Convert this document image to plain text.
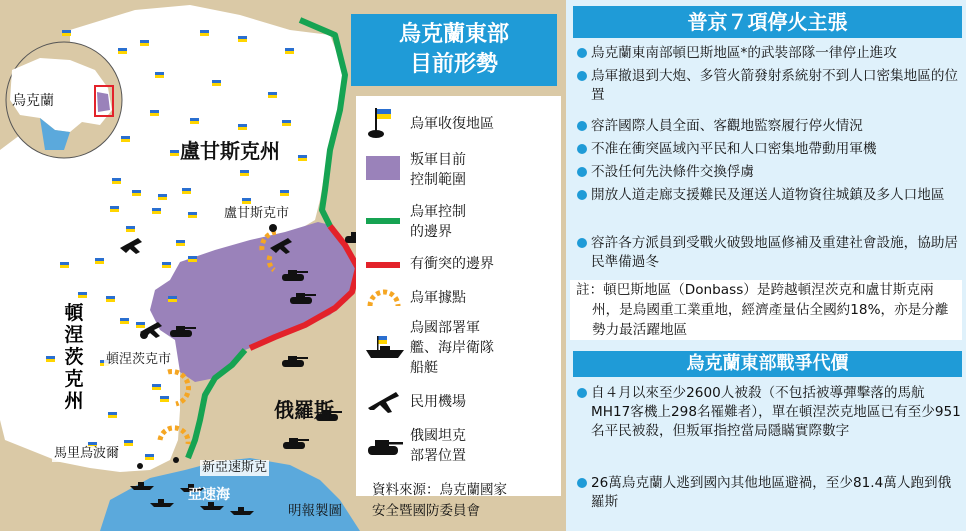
烏克蘭
盧甘斯克州
頓
涅
茨
克
州	俄羅斯
亞速海
盧甘斯克市
頓涅茨克市
馬里烏波爾
新亞速斯克
烏克蘭東部
目前形勢
烏軍收復地區
叛軍目前
控制範圍
烏軍控制
的邊界
有衝突的邊界
烏軍據點
烏國部署軍
艦、海岸衛隊
船艇
民用機場
俄國坦克
部署位置
資料來源：烏克蘭國家
安全暨國防委員會
明報製圖
普京７項停火主張
烏克蘭東南部頓巴斯地區*的武裝部隊一律停止進攻
烏軍撤退到大炮、多管火箭發射系統射不到人口密集地區的位置
容許國際人員全面、客觀地監察履行停火情況
不准在衝突區域內平民和人口密集地帶動用軍機
不設任何先決條件交換俘虜
開放人道走廊支援難民及運送人道物資往城鎮及多人口地區
容許各方派員到受戰火破毀地區修補及重建社會設施，協助居民準備過冬
註：頓巴斯地區（Donbass）是跨越頓涅茨克和盧甘斯克兩州，是烏國重工業重地，經濟產量佔全國約18%，亦是分離勢力最活躍地區
烏克蘭東部戰爭代價
自４月以來至少2600人被殺（不包括被導彈擊落的馬航MH17客機上298名罹難者），單在頓涅茨克地區已有至少951名平民被殺，但叛軍指控當局隱瞞實際數字
26萬烏克蘭人逃到國內其他地區避禍，至少81.4萬人跑到俄羅斯
